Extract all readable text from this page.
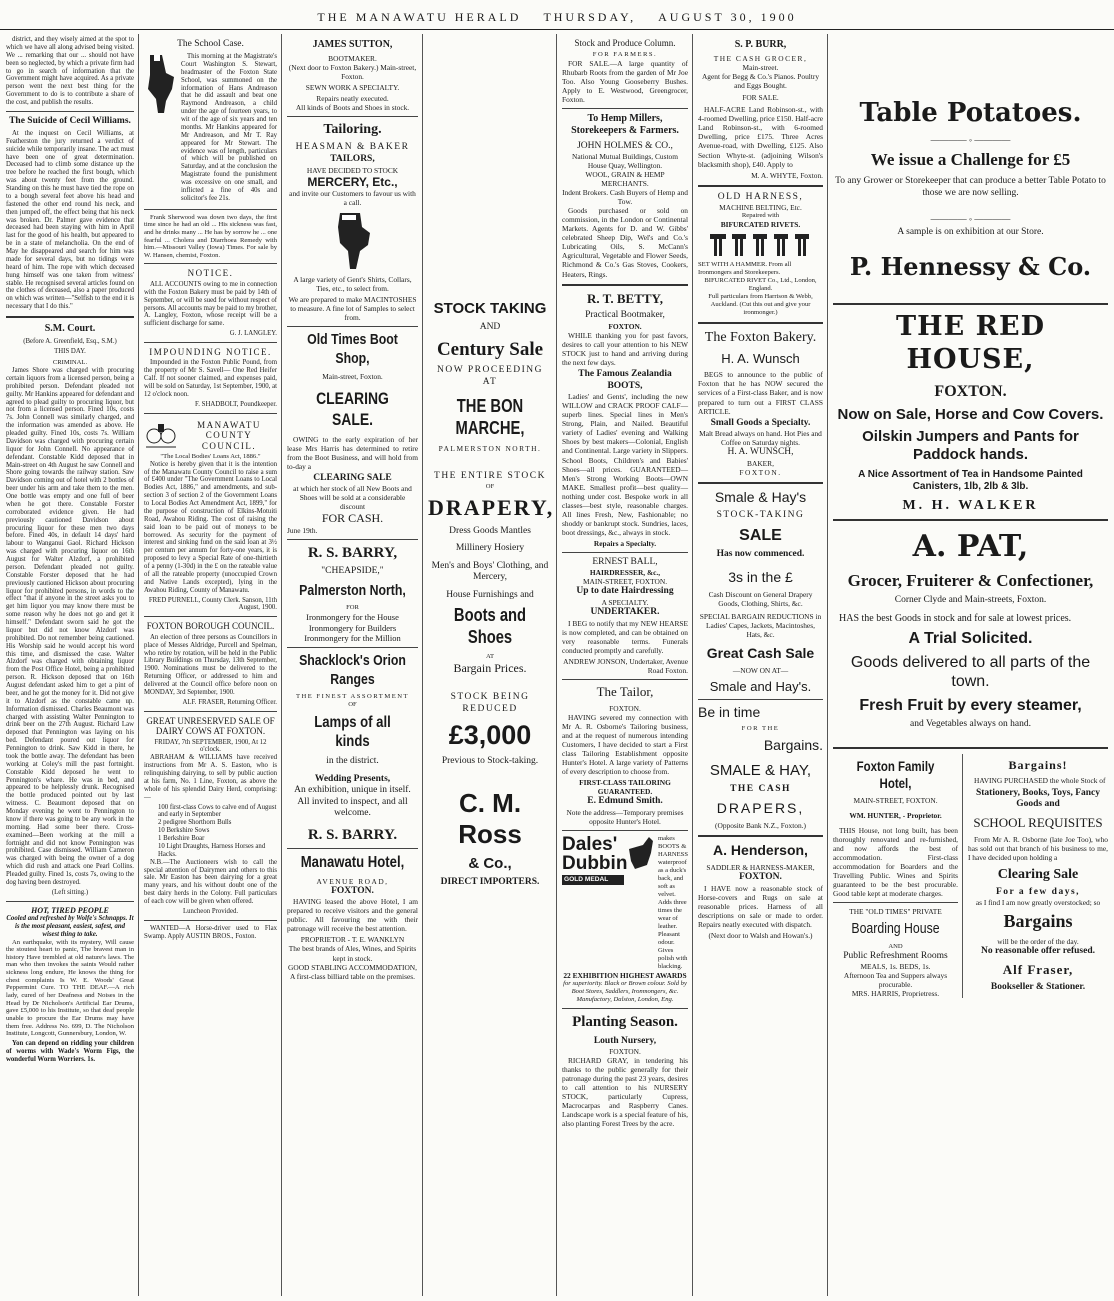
THE MANAWATU HERALD THURSDAY, AUGUST 30, 1900

district, and they wisely aimed at the spot to which we have all along advised being visited. We ... remarking that our ... should not have been so neglected, by which a private firm had to go in search of information that the Government might have acquired. As a private person went the next best thing for the Government to do is to contribute a share of the cost, and publish the results.

The Suicide of Cecil Williams.

At the inquest on Cecil Williams, at Featherston the jury returned a verdict of suicide while temporarily insane. The act must have been one of great determination. Deceased had to climb some distance up the tree before he reached the first bough, which was about twenty feet from the ground. Standing on this he must have tied the rope on to a bough several feet above his head and fastened the other end round his neck, and then jumped off, the effect being that his neck was broken. Dr. Palmer gave evidence that deceased had been staying with him in April last for the good of his health, but appeared to be in a state of melancholia. On the end of May he disappeared and search for him was made for several days, but no tidings were heard of him. The rope with which deceased hung himself was one taken from witness' stable. He recognised several articles found on the clothes of deceased, also a paper produced on which was written—"Selfish to the end it is necessary that I do this."

S.M. Court.
(Before A. Greenfield, Esq., S.M.)
THIS DAY.
CRIMINAL.

James Shore was charged with procuring certain liquors from a licensed person, being a prohibited person. Defendant pleaded not guilty. Mr Hankins appeared for defendant and agreed to plead guilty to procuring liquor, but not from a licensed person. Fined 10s, costs 7s. John Connell was similarly charged, and the information was amended as above. He pleaded guilty. Fined 10s, costs 7s. William Davidson was charged with procuring certain liquor for John Connell. No appearance of defendant. Constable Kidd deposed that in Main-street on 4th August he saw Connell and Shore going towards the railway station. Saw Davidson coming out of hotel with 2 bottles of beer under his arm and take them to the men. One bottle was empty and one full of beer when he got there. Constable Forster corroborated evidence given. He had previously cautioned Davidson about procuring liquor for these men two days before. Fined 40s, in default 14 days' hard labour to Wanganui Gaol. Richard Hickson was charged with procuring liquor on 16th August for Walter Alzdorf, a prohibited person. Defendant pleaded not guilty. Constable Forster deposed that he had previously cautioned Hickson about procuring liquor for prohibited persons, in words to the effect "that if anyone in the street asks you to get him liquor you may know there must be some reason why he does not go and get it himself." Defendant sworn said he got the liquor but did not know Alzdorf was prohibited. Do not remember being cautioned. His Worship said he would accept his word this time, and dismissed the case. Walter Alzdorf was charged with obtaining liquor from the Post Office Hotel, being a prohibited person. R. Hickson deposed that on 16th August defendant asked him to get a pint of beer, and he got the money for it. Did not give it to Alzdorf as the constable came up. Information dismissed. Charles Beaumont was charged with assisting Walter Pennington to drink beer on the 27th August. Richard Law deposed that Pennington was laying on his bed. Defendant poured out liquor for Pennington to drink. Saw Kidd in there, he took the bottle away. The defendant has been working at Coley's mill the past fortnight. Constable Kidd deposed he went to Pennington's whare. He was in bed, and appeared to be helplessly drunk. Recognised the bottle produced pointed out by last witness. C. Beaumont deposed that on Monday evening he went to Pennington to know if there was going to be any work in the morning. Had some beer there. Cross-examined—Been working at the mill a fortnight and did not know Pennington was prohibited. Case dismissed. William Cameron was charged with being the owner of a dog which did rush and attack one Pearl Collins. Pleaded guilty. Fined 1s, costs 7s, owing to the dog having been destroyed.

(Left sitting.)
HOT, TIRED PEOPLE
Cooled and refreshed by Wolfe's Schnapps. It is the most pleasant, easiest, safest, and wisest thing to take.

An earthquake, with its mystery, Will cause the stoutest heart to panic, The bravest man in history Have trembled at old nature's laws. The man who then invokes the saints Would rather sickness long endure, He knows the thing for chest complaints Is W. E. Woods' Great Peppermint Cure. TO THE DEAF.—A rich lady, cured of her Deafness and Noises in the Head by Dr Nicholson's Artificial Ear Drums, gave £5,000 to his Institute, so that deaf people unable to procure the Ear Drums may have them free. Address No. 699, D. The Nicholson Institute, Longcott, Gunnersbury, London, W.

Yon can depend on ridding your children of worms with Wade's Worm Figs, the wonderful Worm Worriers. 1s.

The School Case.

This morning at the Magistrate's Court Washington S. Stewart, headmaster of the Foxton State School, was summoned on the information of Hans Andreason that he did assault and beat one Raymond Andreason, a child under the age of fourteen years, to wit of the age of six years and ten months. Mr Hankins appeared for Mr Andreason, and Mr T. Ray appeared for Mr Stewart. The evidence was of length, particulars of which will be published on Saturday, and at the conclusion the Magistrate found the punishment was excessive on one small, and inflicted a fine of 40s and solicitor's fee 21s.

Frank Sherwood was down two days, the first time since he had an old ... His sickness was fast, and he drinks many ... He has by sorrow he ... one fearful ... Cholera and Diarrhoea Remedy with him.—Missouri Valley (Iowa) Times. For sale by W. Hansen, chemist, Foxton.

NOTICE.

ALL ACCOUNTS owing to me in connection with the Foxton Bakery must be paid by 14th of September, or will be sued for without respect of persons. All accounts may be paid to my brother, A. Langley, Foxton, whose receipt will be a sufficient discharge for same.

G. J. LANGLEY.
IMPOUNDING NOTICE.

Impounded in the Foxton Public Pound, from the property of Mr S. Savell— One Red Heifer Calf. If not sooner claimed, and expenses paid, will be sold on Saturday, 1st September, 1900, at 12 o'clock noon.

F. SHADBOLT, Poundkeeper.
MANAWATU COUNTY COUNCIL.
"The Local Bodies' Loans Act, 1886."

Notice is hereby given that it is the intention of the Manawatu County Council to raise a sum of £400 under "The Government Loans to Local Bodies Act, 1886," and amendments, and sub-section 3 of section 2 of the Government Loans to Local Bodies Act Amendment Act, 1899," for the purpose of construction of Elkins-Motuiti Road, Awahou Riding. The cost of raising the said loan to be paid out of moneys to be borrowed. As security for the payment of interest and sinking fund on the said loan at 3½ per centum per annum for forty-one years, it is proposed to levy a Special Rate of one-thirtieth of a penny (1-30d) in the £ on the rateable value of all the rateable property (unoccupied Crown and Native Lands excepted), lying in the Awahou Riding, County of Manawatu.

FRED PURNELL, County Clerk. Sanson, 11th August, 1900.
FOXTON BOROUGH COUNCIL.

An election of three persons as Councillors in place of Messes Aldridge, Purcell and Spelman, who retire by rotation, will be held in the Public Library Buildings on Thursday, 13th September, 1900. Nominations must be delivered to the Returning Officer, or addressed to him and delivered at the Council office before noon on MONDAY, 3rd September, 1900.

ALF. FRASER, Returning Officer.
GREAT UNRESERVED SALE OF DAIRY COWS AT FOXTON.
FRIDAY, 7th SEPTEMBER, 1900, At 12 o'clock.

ABRAHAM & WILLIAMS have received instructions from Mr A. S. Easton, who is relinquishing dairying, to sell by public auction at his farm, No. 1 Line, Foxton, as above the whole of his splendid Dairy Herd, comprising:—

100 first-class Cows to calve end of August and early in September
2 pedigree Shorthorn Bulls
10 Berkshire Sows
1 Berkshire Boar
10 Light Draughts, Harness Horses and Hacks.

N.B.—The Auctioneers wish to call the special attention of Dairymen and others to this sale. Mr Easton has been dairying for a great many years, and his without doubt one of the best dairy herds in the Colony. Full particulars of each cow will be given when offered.

Luncheon Provided.

WANTED—A Horse-driver used to Flax Swamp. Apply AUSTIN BROS., Foxton.

JAMES SUTTON,
BOOTMAKER.
(Next door to Foxton Bakery.) Main-street, Foxton.
SEWN WORK A SPECIALTY.
Repairs neatly executed.
All kinds of Boots and Shoes in stock.
Tailoring.
HEASMAN & BAKER
TAILORS,
HAVE DECIDED TO STOCK
MERCERY, Etc.,
and invite our Customers to favour us with a call.
A large variety of Gent's Shirts, Collars, Ties, etc., to select from.
We are prepared to make MACINTOSHES to measure. A fine lot of Samples to select from.
Old Times Boot Shop,
Main-street, Foxton.
CLEARING SALE.

OWING to the early expiration of her lease Mrs Harris has determined to retire from the Boot Business, and will hold from to-day a

CLEARING SALE
at which her stock of all New Boots and Shoes will be sold at a considerable discount
FOR CASH.
June 19th.
R. S. BARRY,
"CHEAPSIDE,"
Palmerston North,
FOR
Ironmongery for the House
Ironmongery for Builders
Ironmongery for the Million
Shacklock's Orion Ranges
THE FINEST ASSORTMENT
OF
Lamps of all kinds
in the district.
Wedding Presents,
An exhibition, unique in itself.
All invited to inspect, and all welcome.
R. S. BARRY.
Manawatu Hotel,
AVENUE ROAD,
FOXTON.

HAVING leased the above Hotel, I am prepared to receive visitors and the general public. All favouring me with their patronage will receive the best attention.

PROPRIETOR - T. E. WANKLYN
The best brands of Ales, Wines, and Spirits kept in stock.
GOOD STABLING ACCOMMODATION,
A first-class billiard table on the premises.
STOCK TAKING
AND
Century Sale
NOW PROCEEDING AT
THE BON MARCHE,
PALMERSTON NORTH.
THE ENTIRE STOCK
OF
DRAPERY,
Dress Goods Mantles
Millinery Hosiery
Men's and Boys' Clothing, and Mercery,
House Furnishings and
Boots and Shoes
AT
Bargain Prices.
STOCK BEING REDUCED
£3,000
Previous to Stock-taking.
C. M. Ross
& Co.,
DIRECT IMPORTERS.
Stock and Produce Column.
FOR FARMERS.

FOR SALE.—A large quantity of Rhubarb Roots from the garden of Mr Joe Too. Also Young Gooseberry Bushes. Apply to E. Westwood, Greengrocer, Foxton.

To Hemp Millers, Storekeepers & Farmers.
JOHN HOLMES & CO.,
National Mutual Buildings, Custom House Quay, Wellington.
WOOL, GRAIN & HEMP MERCHANTS.
Indent Brokers. Cash Buyers of Hemp and Tow.

Goods purchased or sold on commission, in the London or Continental Markets. Agents for D. and W. Gibbs' celebrated Sheep Dip, Wel's and Co.'s Lubricating Oils, S. McCann's Agricultural, Vegetable and Flower Seeds, Richmond & Co.'s Gas Stoves, Cookers, Heaters, Rings.

R. T. BETTY,
Practical Bootmaker,
FOXTON.

WHILE thanking you for past favors, desires to call your attention to his NEW STOCK just to hand and arriving during the next few days.

The Famous Zealandia BOOTS,

Ladies' and Gents', including the new WILLOW and CRACK PROOF CALF—superb lines. Special lines in Men's Strong, Plain, and Nailed. Beautiful variety of Ladies' evening and Walking Shoes by best makers—Colonial, English and Continental. Large variety in Slippers. School Boots, Children's and Babies' Shoes—all prices. GUARANTEED—Men's Strong Working Boots—OWN MAKE. Smallest profit—best quality—nothing under cost. Bespoke work in all classes—best style, reasonable charges. All lines Fresh, New, Fashionable; no shoddy or bankrupt stock. Sundries, laces, boot dressings, &c., always in stock.

Repairs a Specialty.
ERNEST BALL,
HAIRDRESSER, &c.,
MAIN-STREET, FOXTON.
Up to date Hairdressing
A SPECIALTY.
UNDERTAKER.

I BEG to notify that my NEW HEARSE is now completed, and can be obtained on very reasonable terms. Funerals conducted promptly and carefully.

ANDREW JONSON, Undertaker, Avenue Road Foxton.
The Tailor,
FOXTON.

HAVING severed my connection with Mr A. R. Osborne's Tailoring business, and at the request of numerous intending Customers, I have decided to start a First class Tailoring Establishment opposite Hunter's Hotel. A large variety of Patterns of every description to choose from.

FIRST-CLASS TAILORING GUARANTEED.
E. Edmund Smith.
Note the address—Temporary premises opposite Hunter's Hotel.
Dales' Dubbin
GOLD MEDAL
makes BOOTS & HARNESS waterproof as a duck's back, and soft as velvet. Adds three times the wear of leather. Pleasant odour. Gives polish with blacking.
22 EXHIBITION HIGHEST AWARDS
for superiority. Black or Brown colour. Sold by Boot Stores, Saddlers, Ironmongers, &c. Manufactory, Dalston, London, Eng.
Planting Season.
Louth Nursery,
FOXTON.

RICHARD GRAY, in tendering his thanks to the public generally for their patronage during the past 23 years, desires to call attention to his NURSERY STOCK, particularly Cupress, Macrocarpas and Raspberry Canes. Landscape work is a special feature of his, also planting Forest Trees by the acre.

S. P. BURR,
THE CASH GROCER,
Main-street.
Agent for Begg & Co.'s Pianos. Poultry and Eggs Bought.
FOR SALE.

HALF-ACRE Land Robinson-st., with 4-roomed Dwelling, price £150. Half-acre Land Robinson-st., with 6-roomed Dwelling, price £175. Three Acres Avenue-road, with Dwelling, £125. Also Section Whyte-st. (adjoining Wilson's blacksmith shop), £40. Apply to

M. A. WHYTE, Foxton.
OLD HARNESS,
MACHINE BELTING, Etc.
Repaired with
BIFURCATED RIVETS.
SET WITH A HAMMER. From all Ironmongers and Storekeepers.
BIFURCATED RIVET Co., Ltd., London, England.
Full particulars from Harrison & Webb, Auckland. (Cut this out and give your ironmonger.)
The Foxton Bakery.
H. A. Wunsch

BEGS to announce to the public of Foxton that he has NOW secured the services of a First-class Baker, and is now prepared to turn out a FIRST CLASS ARTICLE.

Small Goods a Specialty.
Malt Bread always on hand. Hot Pies and Coffee on Saturday nights.
H. A. WUNSCH,
BAKER,
FOXTON.
Smale & Hay's
STOCK-TAKING
SALE
Has now commenced.
3s in the £
Cash Discount on General Drapery Goods, Clothing, Shirts, &c.
SPECIAL BARGAIN REDUCTIONS in Ladies' Capes, Jackets, Macintoshes, Hats, &c.
Great Cash Sale
—NOW ON AT—
Smale and Hay's.
Be in time
FOR THE
Bargains.
SMALE & HAY,
THE CASH
DRAPERS,
(Opposite Bank N.Z., Foxton.)
A. Henderson,
SADDLER & HARNESS-MAKER,
FOXTON.

I HAVE now a reasonable stock of Horse-covers and Rugs on sale at reasonable prices. Harness of all descriptions on sale or made to order. Repairs neatly executed with dispatch.

(Next door to Walsh and Howan's.)
Table Potatoes.
———— ◦ ————
We issue a Challenge for £5
To any Grower or Storekeeper that can produce a better Table Potato to those we are now selling.
———— ◦ ————
A sample is on exhibition at our Store.
P. Hennessy & Co.
THE RED HOUSE,
FOXTON.
Now on Sale, Horse and Cow Covers.
Oilskin Jumpers and Pants for Paddock hands.
A Nice Assortment of Tea in Handsome Painted Canisters, 1lb, 2lb & 3lb.
M. H. WALKER
A. PAT,
Grocer, Fruiterer & Confectioner,
Corner Clyde and Main-streets, Foxton.

HAS the best Goods in stock and for sale at lowest prices.

A Trial Solicited.
Goods delivered to all parts of the town.
Fresh Fruit by every steamer,
and Vegetables always on hand.
Foxton Family Hotel,
MAIN-STREET, FOXTON.
WM. HUNTER, - Proprietor.

THIS House, not long built, has been thoroughly renovated and re-furnished, and now affords the best of accommodation. First-class accommodation for Boarders and the Travelling Public. Wines and Spirits guaranteed to be the best procurable. Good table kept at moderate charges.

THE "OLD TIMES" PRIVATE
Boarding House
AND
Public Refreshment Rooms
MEALS, 1s. BEDS, 1s.
Afternoon Tea and Suppers always procurable.
MRS. HARRIS, Proprietress.
Bargains!

HAVING PURCHASED the whole Stock of

Stationery, Books, Toys, Fancy Goods and
SCHOOL REQUISITES

From Mr A. R. Osborne (late Joe Too), who has sold out that branch of his business to me, I have decided upon holding a

Clearing Sale
For a few days,
as I find I am now greatly overstocked; so
Bargains
will be the order of the day.
No reasonable offer refused.
Alf Fraser,
Bookseller & Stationer.
